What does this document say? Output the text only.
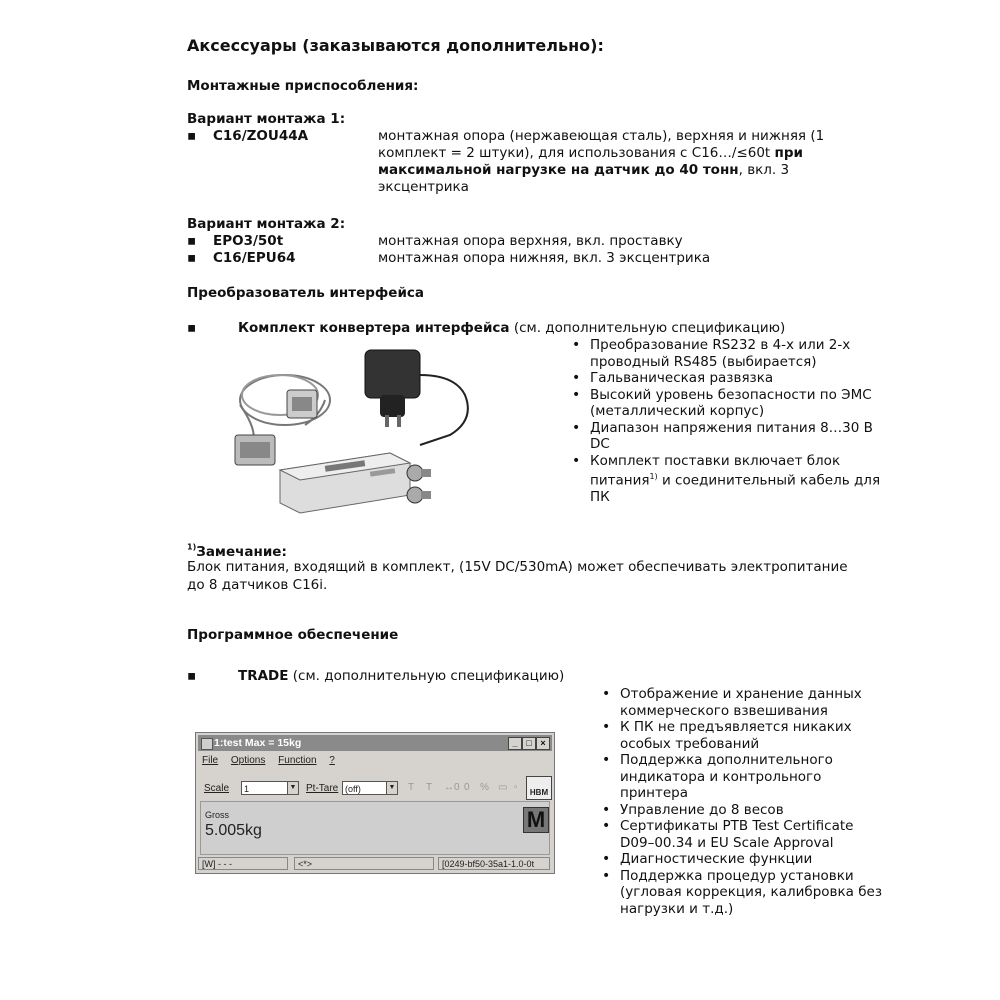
Аксессуары (заказываются дополнительно):
Монтажные приспособления:
Вариант монтажа 1:
▪ C16/ZOU44A	монтажная опора (нержавеющая сталь), верхняя и нижняя (1
комплект = 2 штуки), для использования с C16…/≤60t при
максимальной нагрузке на датчик до 40 тонн, вкл. 3
эксцентрика
Вариант монтажа 2:
▪ EPO3/50t	монтажная опора верхняя, вкл. проставку
▪ C16/EPU64	монтажная опора нижняя, вкл. 3 эксцентрика
Преобразователь интерфейса
▪	Комплект конвертера интерфейса (см. дополнительную спецификацию)
• Преобразование RS232 в 4-х или 2-х проводный RS485 (выбирается)
• Гальваническая развязка
• Высокий уровень безопасности по ЭМС (металлический корпус)
• Диапазон напряжения питания 8…30 В DC
• Комплект поставки включает блок питания$^{1)}$ и соединительный кабель для ПК
$^{1)}$Замечание:
Блок питания, входящий в комплект, (15V DC/530mA) может обеспечивать электропитание
до 8 датчиков C16i.
Программное обеспечение
▪	TRADE (см. дополнительную спецификацию)
• Отображение и хранение данных коммерческого взвешивания
• К ПК не предъявляется никаких особых требований
• Поддержка дополнительного индикатора и контрольного принтера
• Управление до 8 весов
• Сертификаты PTB Test Certificate D09–00.34 и EU Scale Approval
• Диагностические функции
• Поддержка процедур установки (угловая коррекция, калибровка без нагрузки и т.д.)
1:test Max = 15kg	_ □ ×
File Options Function ?
Scale	1	▼ Pt-Tare (off)	▼ T T ↔0 0 % ▭ ▫	HBM
Gross
5.005kg	M
[W] - - -	<*>	[0249-bf50-35a1-1.0-0t
